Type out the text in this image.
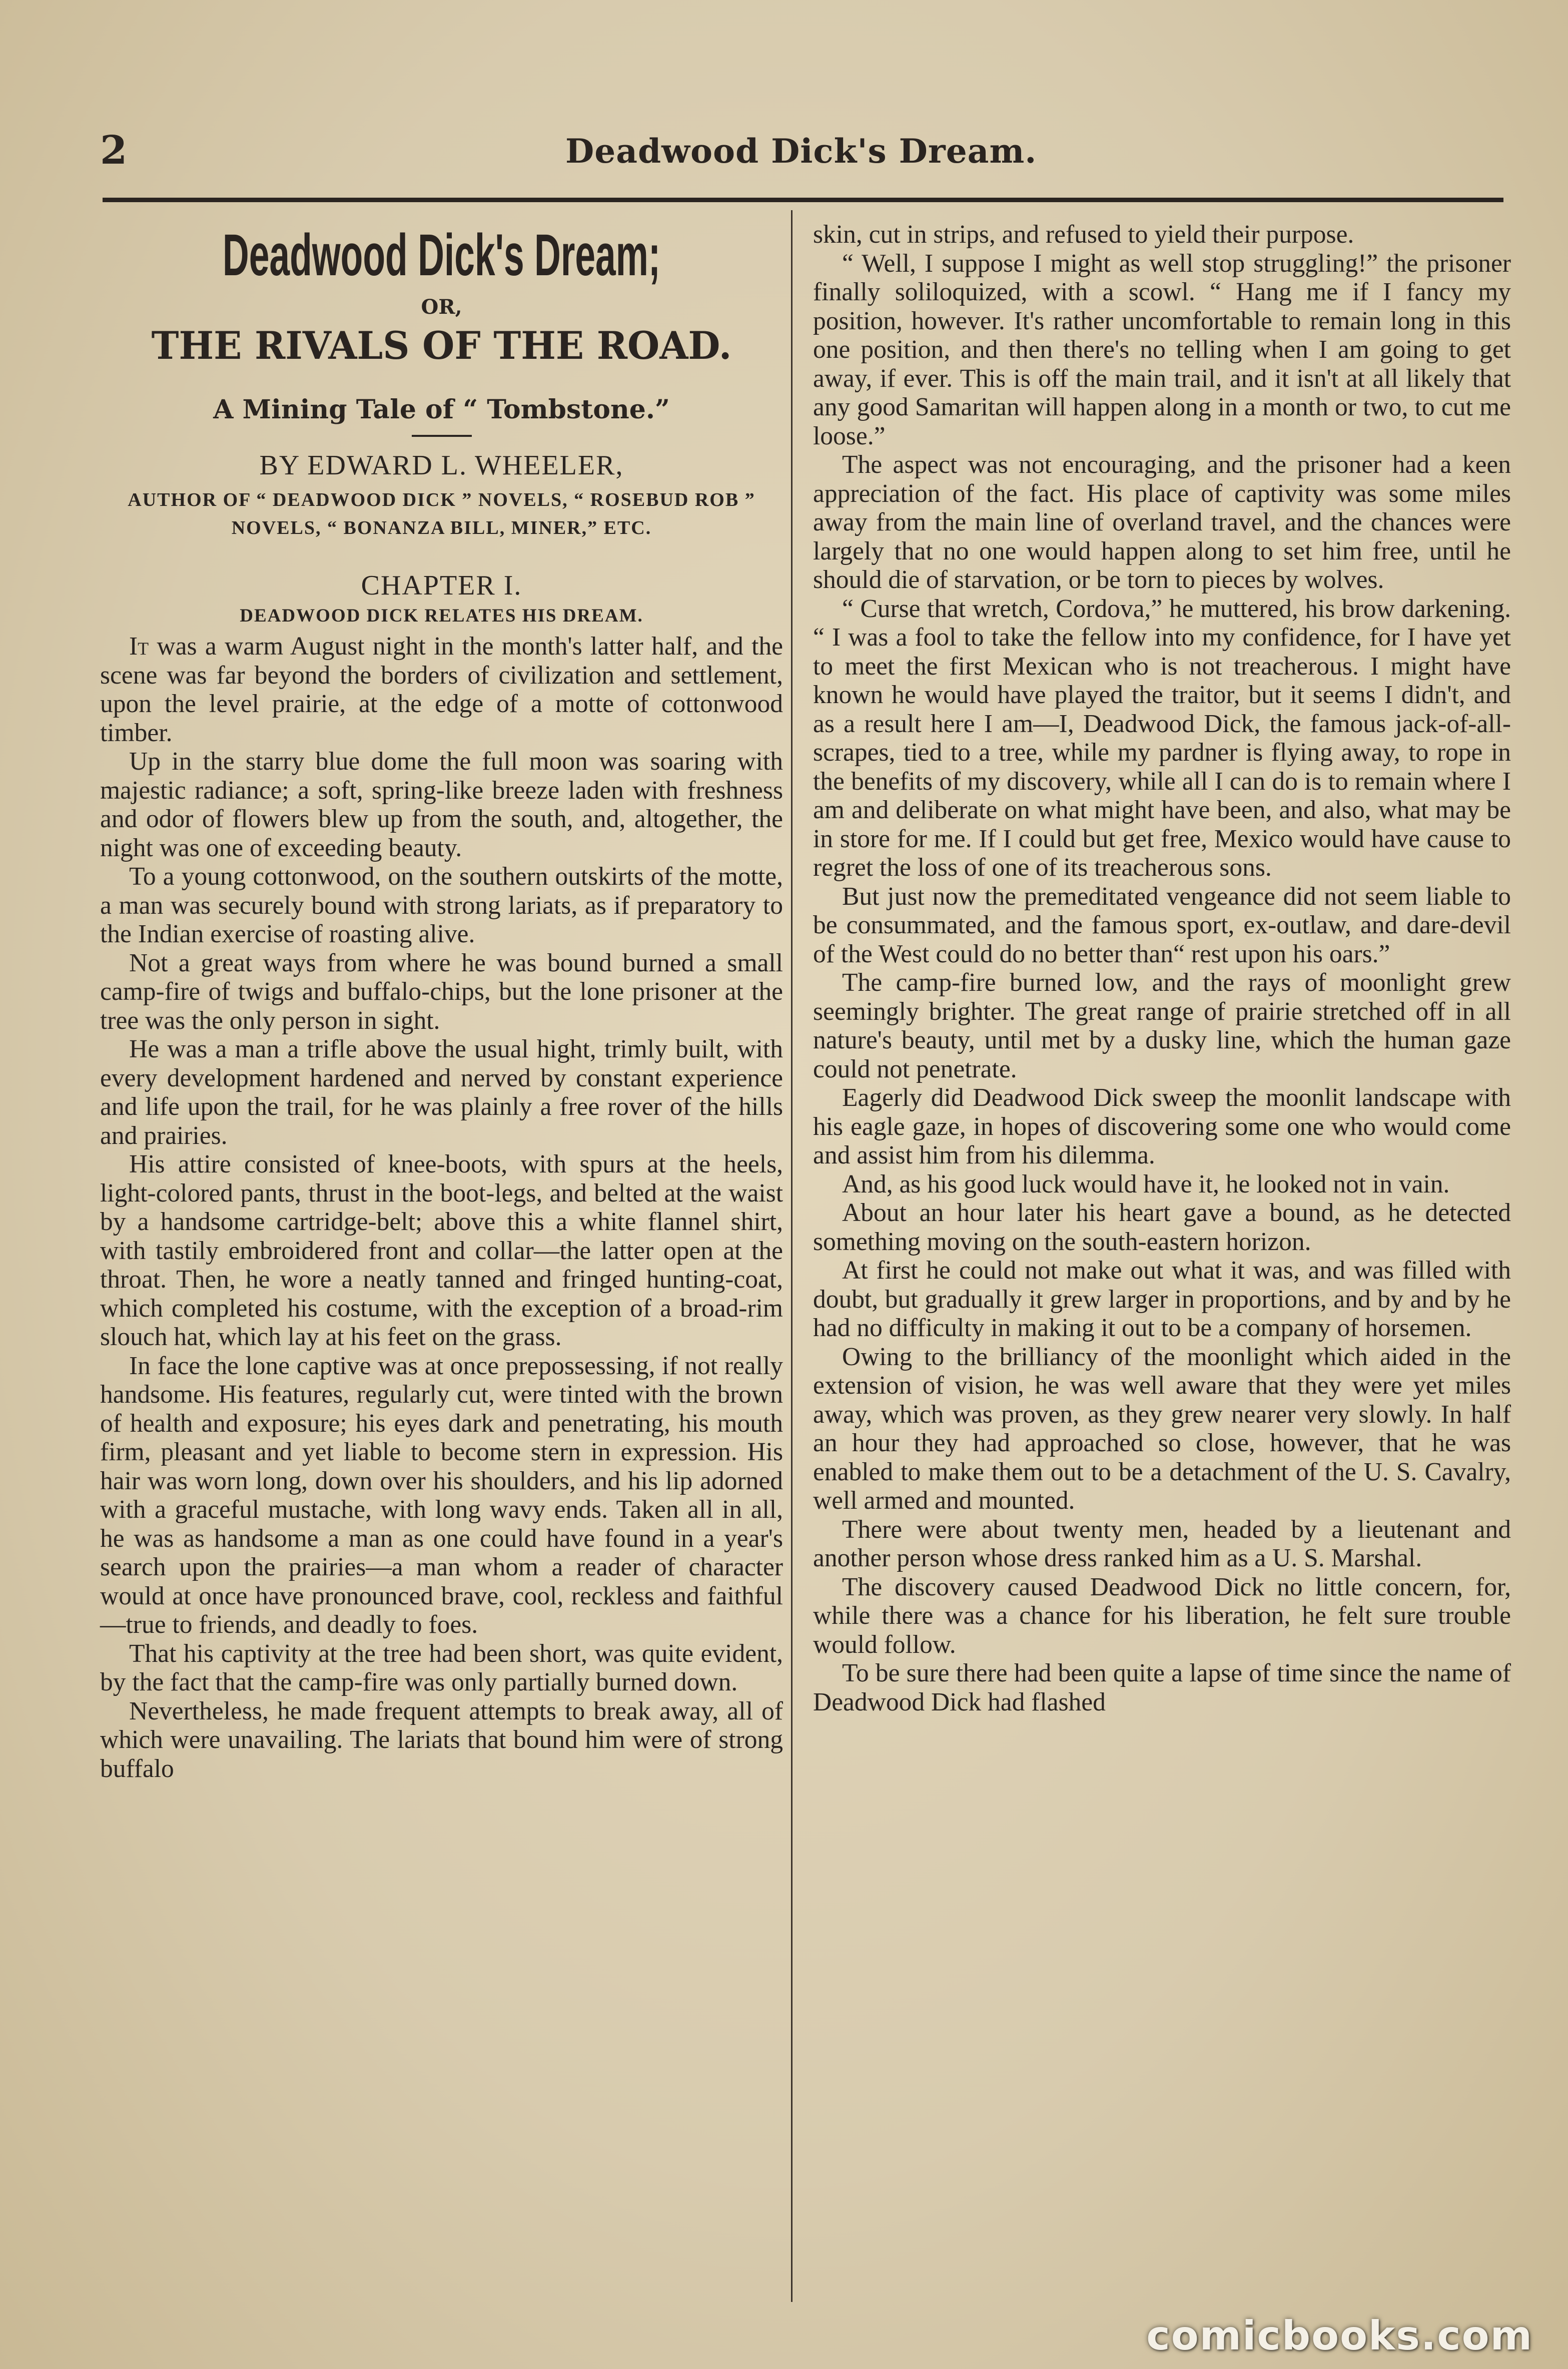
2	Deadwood Dick's Dream.
Deadwood Dick's Dream;
OR,
THE RIVALS OF THE ROAD.
A Mining Tale of “ Tombstone.”
BY EDWARD L. WHEELER,
AUTHOR OF “ DEADWOOD DICK ” NOVELS, “ ROSEBUD ROB ” NOVELS, “ BONANZA BILL, MINER,” ETC.
CHAPTER I.
DEADWOOD DICK RELATES HIS DREAM.

It was a warm August night in the month's latter half, and the scene was far beyond the borders of civilization and settlement, upon the level prairie, at the edge of a motte of cottonwood timber.

Up in the starry blue dome the full moon was soaring with majestic radiance; a soft, spring-like breeze laden with freshness and odor of flowers blew up from the south, and, altogether, the night was one of exceeding beauty.

To a young cottonwood, on the southern outskirts of the motte, a man was securely bound with strong lariats, as if preparatory to the Indian exercise of roasting alive.

Not a great ways from where he was bound burned a small camp-fire of twigs and buffalo-chips, but the lone prisoner at the tree was the only person in sight.

He was a man a trifle above the usual hight, trimly built, with every development hardened and nerved by constant experience and life upon the trail, for he was plainly a free rover of the hills and prairies.

His attire consisted of knee-boots, with spurs at the heels, light-colored pants, thrust in the boot-legs, and belted at the waist by a handsome cartridge-belt; above this a white flannel shirt, with tastily embroidered front and collar—the latter open at the throat. Then, he wore a neatly tanned and fringed hunting-coat, which completed his costume, with the exception of a broad-rim slouch hat, which lay at his feet on the grass.

In face the lone captive was at once prepossessing, if not really handsome. His features, regularly cut, were tinted with the brown of health and exposure; his eyes dark and penetrating, his mouth firm, pleasant and yet liable to become stern in expression. His hair was worn long, down over his shoulders, and his lip adorned with a graceful mustache, with long wavy ends. Taken all in all, he was as handsome a man as one could have found in a year's search upon the prairies—a man whom a reader of character would at once have pronounced brave, cool, reckless and faithful—true to friends, and deadly to foes.

That his captivity at the tree had been short, was quite evident, by the fact that the camp-fire was only partially burned down.

Nevertheless, he made frequent attempts to break away, all of which were unavailing. The lariats that bound him were of strong buffalo

skin, cut in strips, and refused to yield their purpose.

“ Well, I suppose I might as well stop struggling!” the prisoner finally soliloquized, with a scowl. “ Hang me if I fancy my position, however. It's rather uncomfortable to remain long in this one position, and then there's no telling when I am going to get away, if ever. This is off the main trail, and it isn't at all likely that any good Samaritan will happen along in a month or two, to cut me loose.”

The aspect was not encouraging, and the prisoner had a keen appreciation of the fact. His place of captivity was some miles away from the main line of overland travel, and the chances were largely that no one would happen along to set him free, until he should die of starvation, or be torn to pieces by wolves.

“ Curse that wretch, Cordova,” he muttered, his brow darkening. “ I was a fool to take the fellow into my confidence, for I have yet to meet the first Mexican who is not treacherous. I might have known he would have played the traitor, but it seems I didn't, and as a result here I am—I, Deadwood Dick, the famous jack-of-all-scrapes, tied to a tree, while my pardner is flying away, to rope in the benefits of my discovery, while all I can do is to remain where I am and deliberate on what might have been, and also, what may be in store for me. If I could but get free, Mexico would have cause to regret the loss of one of its treacherous sons.

But just now the premeditated vengeance did not seem liable to be consummated, and the famous sport, ex-outlaw, and dare-devil of the West could do no better than“ rest upon his oars.”

The camp-fire burned low, and the rays of moonlight grew seemingly brighter. The great range of prairie stretched off in all nature's beauty, until met by a dusky line, which the human gaze could not penetrate.

Eagerly did Deadwood Dick sweep the moonlit landscape with his eagle gaze, in hopes of discovering some one who would come and assist him from his dilemma.

And, as his good luck would have it, he looked not in vain.

About an hour later his heart gave a bound, as he detected something moving on the south-eastern horizon.

At first he could not make out what it was, and was filled with doubt, but gradually it grew larger in proportions, and by and by he had no difficulty in making it out to be a company of horsemen.

Owing to the brilliancy of the moonlight which aided in the extension of vision, he was well aware that they were yet miles away, which was proven, as they grew nearer very slowly. In half an hour they had approached so close, however, that he was enabled to make them out to be a detachment of the U. S. Cavalry, well armed and mounted.

There were about twenty men, headed by a lieutenant and another person whose dress ranked him as a U. S. Marshal.

The discovery caused Deadwood Dick no little concern, for, while there was a chance for his liberation, he felt sure trouble would follow.

To be sure there had been quite a lapse of time since the name of Deadwood Dick had flashed

comicbooks.com
